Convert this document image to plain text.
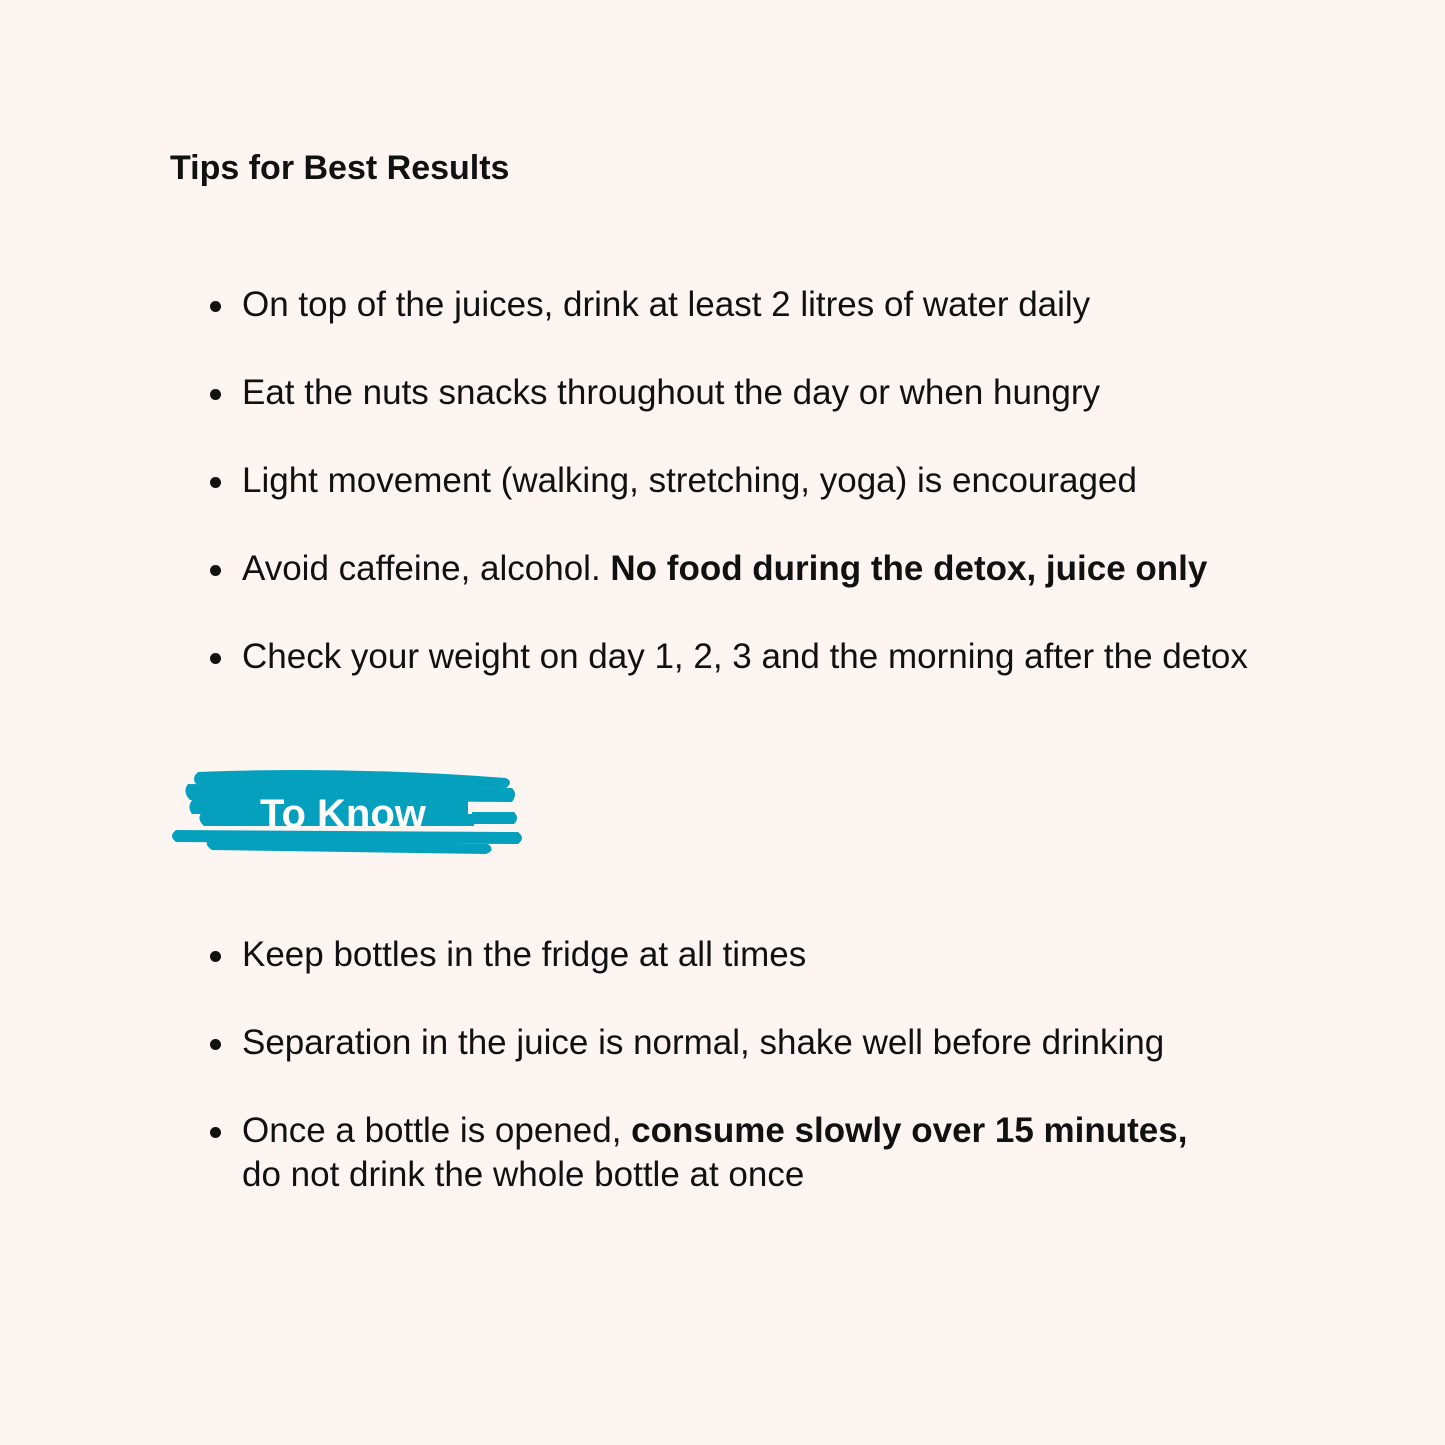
Tips for Best Results
On top of the juices, drink at least 2 litres of water daily
Eat the nuts snacks throughout the day or when hungry
Light movement (walking, stretching, yoga) is encouraged
Avoid caffeine, alcohol. No food during the detox, juice only
Check your weight on day 1, 2, 3 and the morning after the detox
To Know
Keep bottles in the fridge at all times
Separation in the juice is normal, shake well before drinking
Once a bottle is opened, consume slowly over 15 minutes,
do not drink the whole bottle at once
